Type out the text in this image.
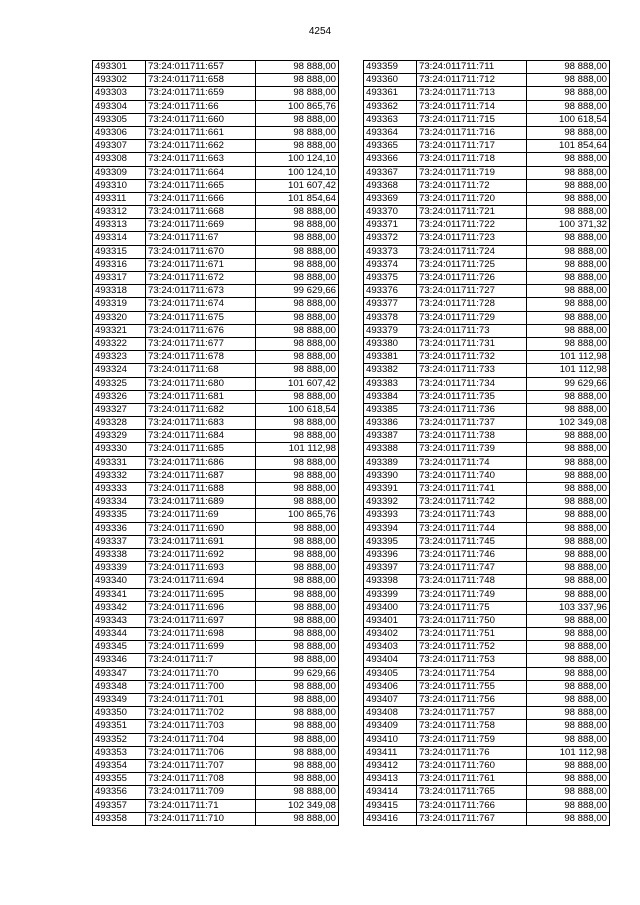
4254
493301	73:24:011711:657	98 888,00
493302	73:24:011711:658	98 888,00
493303	73:24:011711:659	98 888,00
493304	73:24:011711:66	100 865,76
493305	73:24:011711:660	98 888,00
493306	73:24:011711:661	98 888,00
493307	73:24:011711:662	98 888,00
493308	73:24:011711:663	100 124,10
493309	73:24:011711:664	100 124,10
493310	73:24:011711:665	101 607,42
493311	73:24:011711:666	101 854,64
493312	73:24:011711:668	98 888,00
493313	73:24:011711:669	98 888,00
493314	73:24:011711:67	98 888,00
493315	73:24:011711:670	98 888,00
493316	73:24:011711:671	98 888,00
493317	73:24:011711:672	98 888,00
493318	73:24:011711:673	99 629,66
493319	73:24:011711:674	98 888,00
493320	73:24:011711:675	98 888,00
493321	73:24:011711:676	98 888,00
493322	73:24:011711:677	98 888,00
493323	73:24:011711:678	98 888,00
493324	73:24:011711:68	98 888,00
493325	73:24:011711:680	101 607,42
493326	73:24:011711:681	98 888,00
493327	73:24:011711:682	100 618,54
493328	73:24:011711:683	98 888,00
493329	73:24:011711:684	98 888,00
493330	73:24:011711:685	101 112,98
493331	73:24:011711:686	98 888,00
493332	73:24:011711:687	98 888,00
493333	73:24:011711:688	98 888,00
493334	73:24:011711:689	98 888,00
493335	73:24:011711:69	100 865,76
493336	73:24:011711:690	98 888,00
493337	73:24:011711:691	98 888,00
493338	73:24:011711:692	98 888,00
493339	73:24:011711:693	98 888,00
493340	73:24:011711:694	98 888,00
493341	73:24:011711:695	98 888,00
493342	73:24:011711:696	98 888,00
493343	73:24:011711:697	98 888,00
493344	73:24:011711:698	98 888,00
493345	73:24:011711:699	98 888,00
493346	73:24:011711:7	98 888,00
493347	73:24:011711:70	99 629,66
493348	73:24:011711:700	98 888,00
493349	73:24:011711:701	98 888,00
493350	73:24:011711:702	98 888,00
493351	73:24:011711:703	98 888,00
493352	73:24:011711:704	98 888,00
493353	73:24:011711:706	98 888,00
493354	73:24:011711:707	98 888,00
493355	73:24:011711:708	98 888,00
493356	73:24:011711:709	98 888,00
493357	73:24:011711:71	102 349,08
493358	73:24:011711:710	98 888,00
493359	73:24:011711:711	98 888,00
493360	73:24:011711:712	98 888,00
493361	73:24:011711:713	98 888,00
493362	73:24:011711:714	98 888,00
493363	73:24:011711:715	100 618,54
493364	73:24:011711:716	98 888,00
493365	73:24:011711:717	101 854,64
493366	73:24:011711:718	98 888,00
493367	73:24:011711:719	98 888,00
493368	73:24:011711:72	98 888,00
493369	73:24:011711:720	98 888,00
493370	73:24:011711:721	98 888,00
493371	73:24:011711:722	100 371,32
493372	73:24:011711:723	98 888,00
493373	73:24:011711:724	98 888,00
493374	73:24:011711:725	98 888,00
493375	73:24:011711:726	98 888,00
493376	73:24:011711:727	98 888,00
493377	73:24:011711:728	98 888,00
493378	73:24:011711:729	98 888,00
493379	73:24:011711:73	98 888,00
493380	73:24:011711:731	98 888,00
493381	73:24:011711:732	101 112,98
493382	73:24:011711:733	101 112,98
493383	73:24:011711:734	99 629,66
493384	73:24:011711:735	98 888,00
493385	73:24:011711:736	98 888,00
493386	73:24:011711:737	102 349,08
493387	73:24:011711:738	98 888,00
493388	73:24:011711:739	98 888,00
493389	73:24:011711:74	98 888,00
493390	73:24:011711:740	98 888,00
493391	73:24:011711:741	98 888,00
493392	73:24:011711:742	98 888,00
493393	73:24:011711:743	98 888,00
493394	73:24:011711:744	98 888,00
493395	73:24:011711:745	98 888,00
493396	73:24:011711:746	98 888,00
493397	73:24:011711:747	98 888,00
493398	73:24:011711:748	98 888,00
493399	73:24:011711:749	98 888,00
493400	73:24:011711:75	103 337,96
493401	73:24:011711:750	98 888,00
493402	73:24:011711:751	98 888,00
493403	73:24:011711:752	98 888,00
493404	73:24:011711:753	98 888,00
493405	73:24:011711:754	98 888,00
493406	73:24:011711:755	98 888,00
493407	73:24:011711:756	98 888,00
493408	73:24:011711:757	98 888,00
493409	73:24:011711:758	98 888,00
493410	73:24:011711:759	98 888,00
493411	73:24:011711:76	101 112,98
493412	73:24:011711:760	98 888,00
493413	73:24:011711:761	98 888,00
493414	73:24:011711:765	98 888,00
493415	73:24:011711:766	98 888,00
493416	73:24:011711:767	98 888,00
